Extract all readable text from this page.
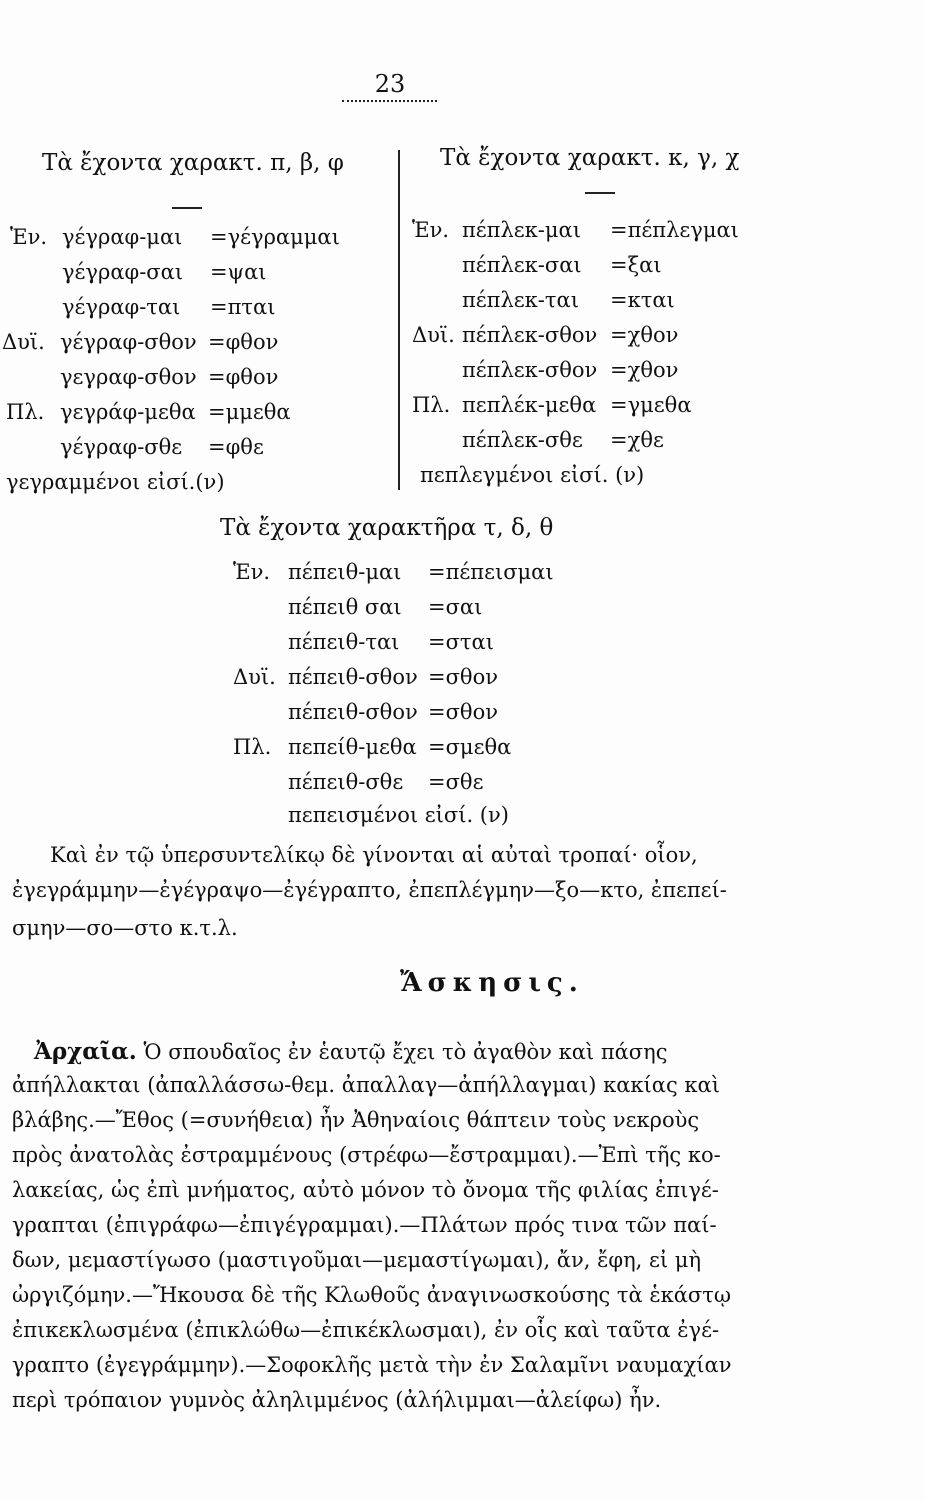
23
Τὰ ἔχοντα χαρακτ. π, β, φ
Ἑν. γέγραφ-μαι =γέγραμμαι
γέγραφ-σαι =ψαι
γέγραφ-ται =πται
Δυϊ. γέγραφ-σθον =φθον
γεγραφ-σθον =φθον
Πλ. γεγράφ-μεθα =μμεθα
γέγραφ-σθε =φθε
γεγραμμένοι εἰσί.(ν)
Τὰ ἔχοντα χαρακτ. κ, γ, χ
Ἑν. πέπλεκ-μαι =πέπλεγμαι
πέπλεκ-σαι =ξαι
πέπλεκ-ται =κται
Δυϊ. πέπλεκ-σθον =χθον
πέπλεκ-σθον =χθον
Πλ. πεπλέκ-μεθα =γμεθα
πέπλεκ-σθε =χθε
πεπλεγμένοι εἰσί. (ν)
Τὰ ἔχοντα χαρακτῆρα τ, δ, θ
Ἑν. πέπειθ-μαι =πέπεισμαι
πέπειθ σαι =σαι
πέπειθ-ται =σται
Δυϊ. πέπειθ-σθον =σθον
πέπειθ-σθον =σθον
Πλ. πεπείθ-μεθα =σμεθα
πέπειθ-σθε =σθε
πεπεισμένοι εἰσί. (ν)
Καὶ ἐν τῷ ὑπερσυντελίκῳ δὲ γίνονται αἱ αὐταὶ τροπαί· οἷον,
ἐγεγράμμην—ἐγέγραψο—ἐγέγραπτο, ἐπεπλέγμην—ξο—κτο, ἐπεπεί-
σμην—σο—στο κ.τ.λ.
Ἄσκησις.
Ἀρχαῖα. Ὁ σπουδαῖος ἐν ἑαυτῷ ἔχει τὸ ἀγαθὸν καὶ πάσης
ἀπήλλακται (ἀπαλλάσσω-θεμ. ἀπαλλαγ—ἀπήλλαγμαι) κακίας καὶ
βλάβης.—Ἔθος (=συνήθεια) ἦν Ἀθηναίοις θάπτειν τοὺς νεκροὺς
πρὸς ἀνατολὰς ἐστραμμένους (στρέφω—ἔστραμμαι).—Ἐπὶ τῆς κο-
λακείας, ὡς ἐπὶ μνήματος, αὐτὸ μόνον τὸ ὄνομα τῆς φιλίας ἐπιγέ-
γραπται (ἐπιγράφω—ἐπιγέγραμμαι).—Πλάτων πρός τινα τῶν παί-
δων, μεμαστίγωσο (μαστιγοῦμαι—μεμαστίγωμαι), ἄν, ἔφη, εἰ μὴ
ὠργιζόμην.—Ἤκουσα δὲ τῆς Κλωθοῦς ἀναγινωσκούσης τὰ ἑκάστῳ
ἐπικεκλωσμένα (ἐπικλώθω—ἐπικέκλωσμαι), ἐν οἷς καὶ ταῦτα ἐγέ-
γραπτο (ἐγεγράμμην).—Σοφοκλῆς μετὰ τὴν ἐν Σαλαμῖνι ναυμαχίαν
περὶ τρόπαιον γυμνὸς ἀληλιμμένος (ἀλήλιμμαι—ἀλείφω) ἦν.
